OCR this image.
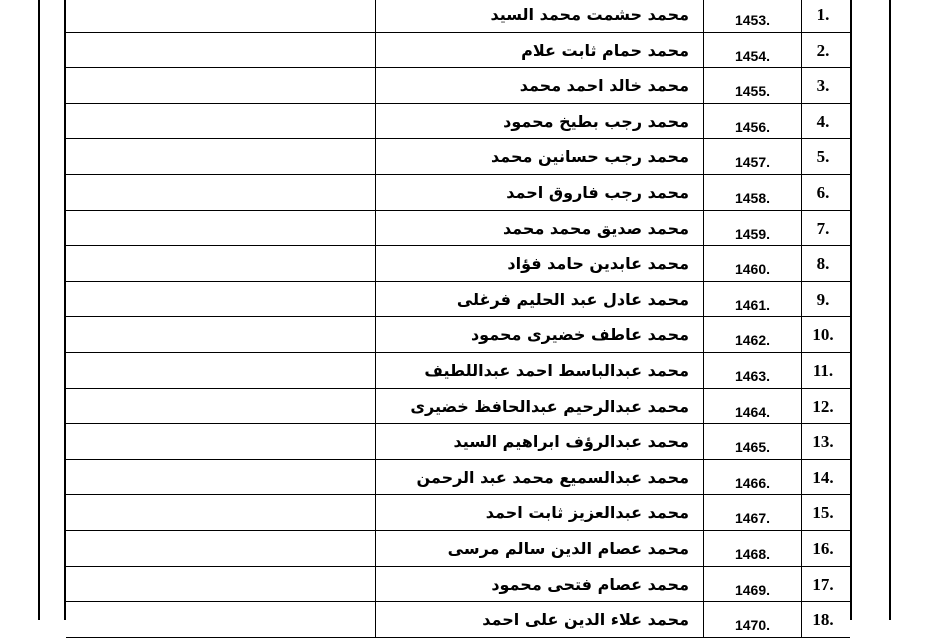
محمد حشمت محمد السيد	1453.	.1
محمد حمام ثابت علام	1454.	.2
محمد خالد احمد محمد	1455.	.3
محمد رجب بطيخ محمود	1456.	.4
محمد رجب حسانين محمد	1457.	.5
محمد رجب فاروق احمد	1458.	.6
محمد صديق محمد محمد	1459.	.7
محمد عابدين حامد فؤاد	1460.	.8
محمد عادل عبد الحليم فرغلى	1461.	.9
محمد عاطف خضيرى محمود	1462.	.10
محمد عبدالباسط احمد عبداللطيف	1463.	.11
محمد عبدالرحيم عبدالحافظ خضيرى	1464.	.12
محمد عبدالرؤف ابراهيم السيد	1465.	.13
محمد عبدالسميع محمد عبد الرحمن	1466.	.14
محمد عبدالعزيز ثابت احمد	1467.	.15
محمد عصام الدين سالم مرسى	1468.	.16
محمد عصام فتحى محمود	1469.	.17
محمد علاء الدين على احمد	1470.	.18
